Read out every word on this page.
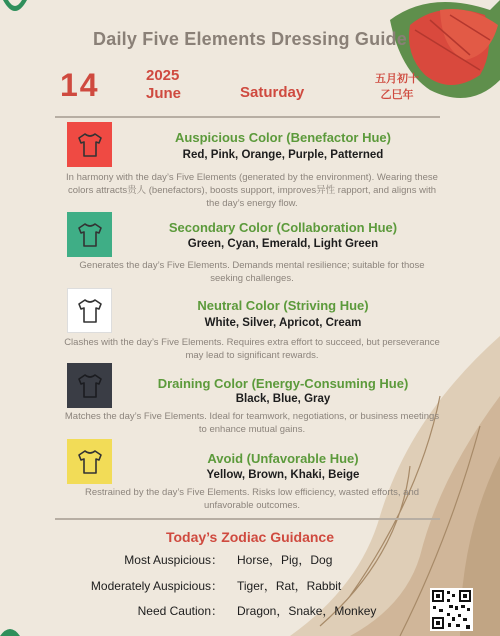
Daily Five Elements Dressing Guide
14	2025
June	Saturday
五月初十
乙巳年
Auspicious Color (Benefactor Hue)
Red, Pink, Orange, Purple, Patterned
In harmony with the day’s Five Elements (generated by the environment). Wearing these colors attracts贵人 (benefactors), boosts support, improves异性 rapport, and aligns with the day’s energy flow.
Secondary Color (Collaboration Hue)
Green, Cyan, Emerald, Light Green
Generates the day’s Five Elements. Demands mental resilience; suitable for those seeking challenges.
Neutral Color (Striving Hue)
White, Silver, Apricot, Cream
Clashes with the day’s Five Elements. Requires extra effort to succeed, but perseverance may lead to significant rewards.
Draining Color (Energy-Consuming Hue)
Black, Blue, Gray
Matches the day’s Five Elements. Ideal for teamwork, negotiations, or business meetings to enhance mutual gains.
Avoid (Unfavorable Hue)
Yellow, Brown, Khaki, Beige
Restrained by the day’s Five Elements. Risks low efficiency, wasted efforts, and unfavorable outcomes.
Today’s Zodiac Guidance
Most Auspicious： Horse，Pig，Dog
Moderately Auspicious： Tiger，Rat，Rabbit
Need Caution： Dragon，Snake，Monkey
